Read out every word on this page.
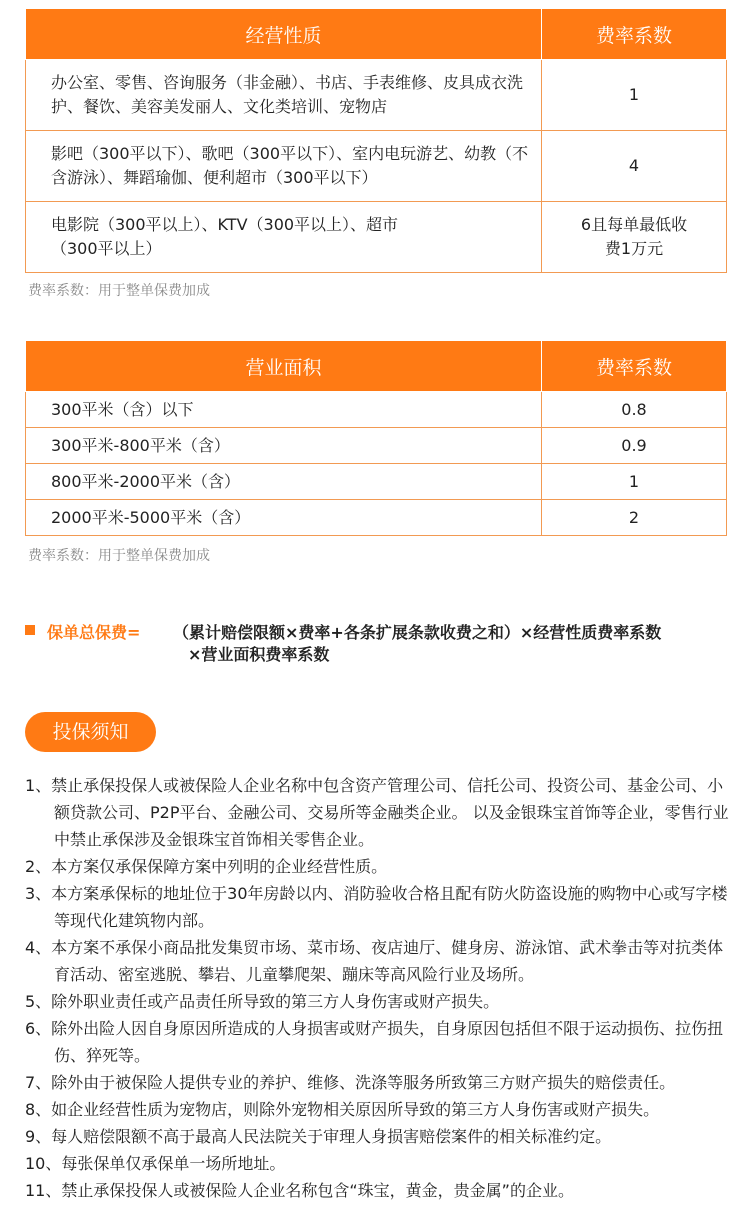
经营性质	费率系数
办公室、零售、咨询服务（非金融）、书店、手表维修、皮具成衣洗护、餐饮、美容美发丽人、文化类培训、宠物店	1
影吧（300平以下）、歌吧（300平以下）、室内电玩游艺、幼教（不含游泳）、舞蹈瑜伽、便利超市（300平以下）	4
电影院（300平以上）、KTV（300平以上）、超市（300平以上）	6且每单最低收费1万元
费率系数：用于整单保费加成
营业面积	费率系数
300平米（含）以下	0.8
300平米-800平米（含）	0.9
800平米-2000平米（含）	1
2000平米-5000平米（含）	2
费率系数：用于整单保费加成
保单总保费= （累计赔偿限额×费率+各条扩展条款收费之和）×经营性质费率系数
×营业面积费率系数
投保须知
1、禁止承保投保人或被保险人企业名称中包含资产管理公司、信托公司、投资公司、基金公司、小额贷款公司、P2P平台、金融公司、交易所等金融类企业。 以及金银珠宝首饰等企业，零售行业中禁止承保涉及金银珠宝首饰相关零售企业。
2、本方案仅承保保障方案中列明的企业经营性质。
3、本方案承保标的地址位于30年房龄以内、消防验收合格且配有防火防盗设施的购物中心或写字楼等现代化建筑物内部。
4、本方案不承保小商品批发集贸市场、菜市场、夜店迪厅、健身房、游泳馆、武术拳击等对抗类体育活动、密室逃脱、攀岩、儿童攀爬架、蹦床等高风险行业及场所。
5、除外职业责任或产品责任所导致的第三方人身伤害或财产损失。
6、除外出险人因自身原因所造成的人身损害或财产损失，自身原因包括但不限于运动损伤、拉伤扭伤、猝死等。
7、除外由于被保险人提供专业的养护、维修、洗涤等服务所致第三方财产损失的赔偿责任。
8、如企业经营性质为宠物店，则除外宠物相关原因所导致的第三方人身伤害或财产损失。
9、每人赔偿限额不高于最高人民法院关于审理人身损害赔偿案件的相关标准约定。
10、每张保单仅承保单一场所地址。
11、禁止承保投保人或被保险人企业名称包含“珠宝，黄金，贵金属”的企业。
